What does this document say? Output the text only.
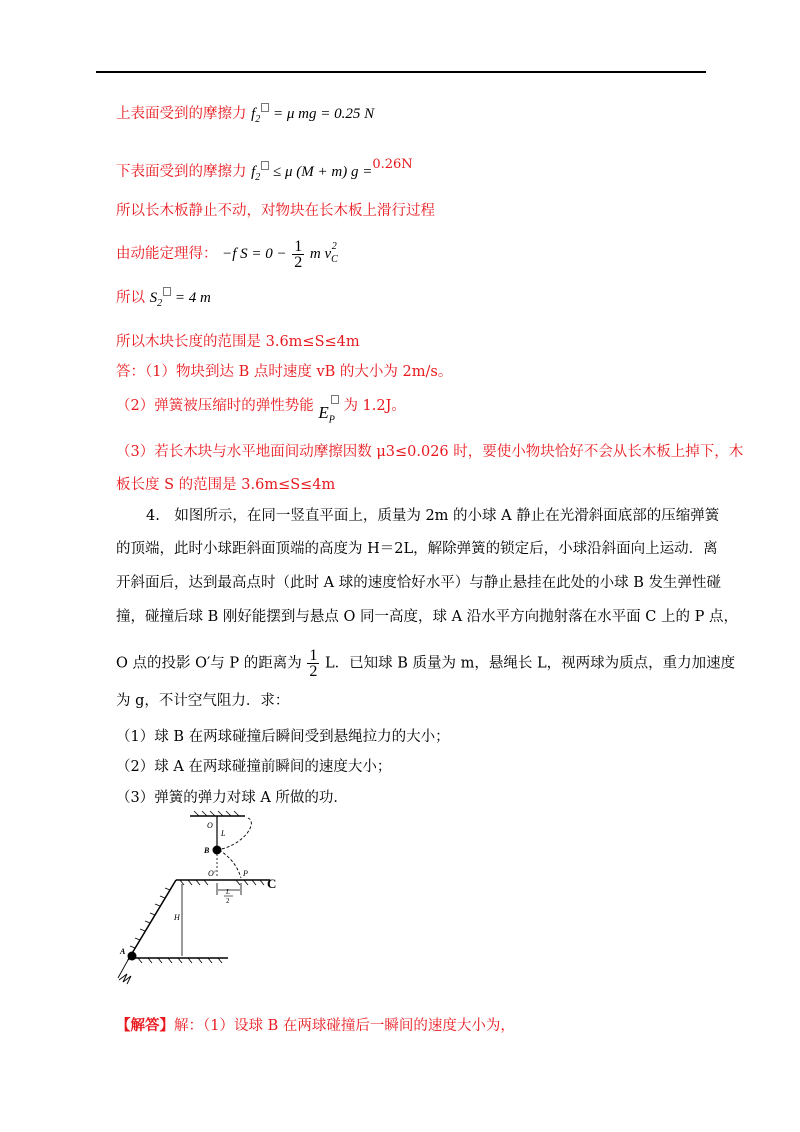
上表面受到的摩擦力 $f_2 = \mu$ mg = 0.25 N
下表面受到的摩擦力 $f_2 \le \mu$ (M + m) g =0.26N
所以长木板静止不动，对物块在长木板上滑行过程
由动能定理得： −f $S = 0 - \frac{1}{2}$ m $v_C^2$
所以 $S_2 = 4$ m
所以木块长度的范围是 3.6m≤S≤4m
答：（1）物块到达 B 点时速度 vB 的大小为 2m/s。
（2）弹簧被压缩时的弹性势能 $E_P$ 为 1.2J。
（3）若长木块与水平地面间动摩擦因数 μ3≤0.026 时，要使小物块恰好不会从长木板上掉下，木
板长度 S 的范围是 3.6m≤S≤4m
4.　如图所示，在同一竖直平面上，质量为 2m 的小球 A 静止在光滑斜面底部的压缩弹簧
的顶端，此时小球距斜面顶端的高度为 H＝2L，解除弹簧的锁定后，小球沿斜面向上运动．离
开斜面后，达到最高点时（此时 A 球的速度恰好水平）与静止悬挂在此处的小球 B 发生弹性碰
撞，碰撞后球 B 刚好能摆到与悬点 O 同一高度，球 A 沿水平方向抛射落在水平面 C 上的 P 点，
O 点的投影 O′与 P 的距离为 $\frac{1}{2}$ L．已知球 B 质量为 m，悬绳长 L，视两球为质点，重力加速度
为 g，不计空气阻力．求：
（1）球 B 在两球碰撞后瞬间受到悬绳拉力的大小；
（2）球 A 在两球碰撞前瞬间的速度大小；
（3）弹簧的弹力对球 A 所做的功．
O
L
B
O′	P
C
L
2
H
A
【解答】解：（1）设球 B 在两球碰撞后一瞬间的速度大小为，
